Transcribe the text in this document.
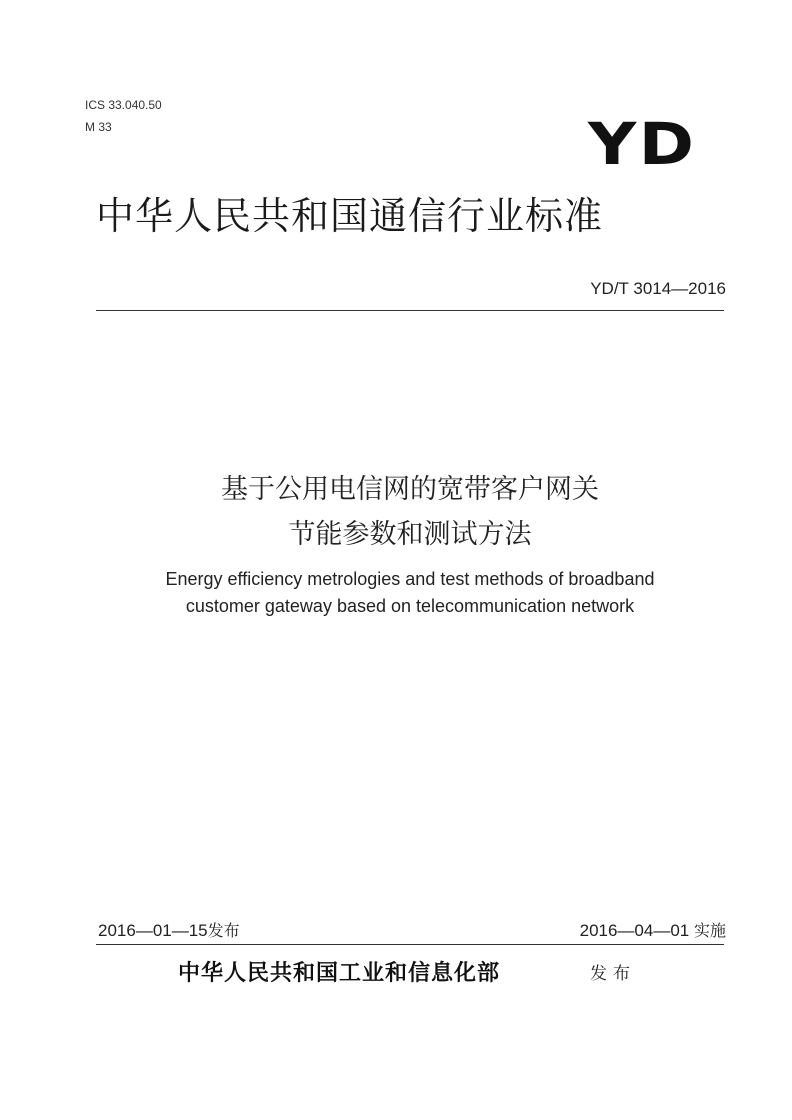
ICS 33.040.50
M 33	YD
中华人民共和国通信行业标准
YD/T 3014—2016
基于公用电信网的宽带客户网关
节能参数和测试方法
Energy efficiency metrologies and test methods of broadband
customer gateway based on telecommunication network
2016—01—15发布	2016—04—01 实施
中华人民共和国工业和信息化部	发布
